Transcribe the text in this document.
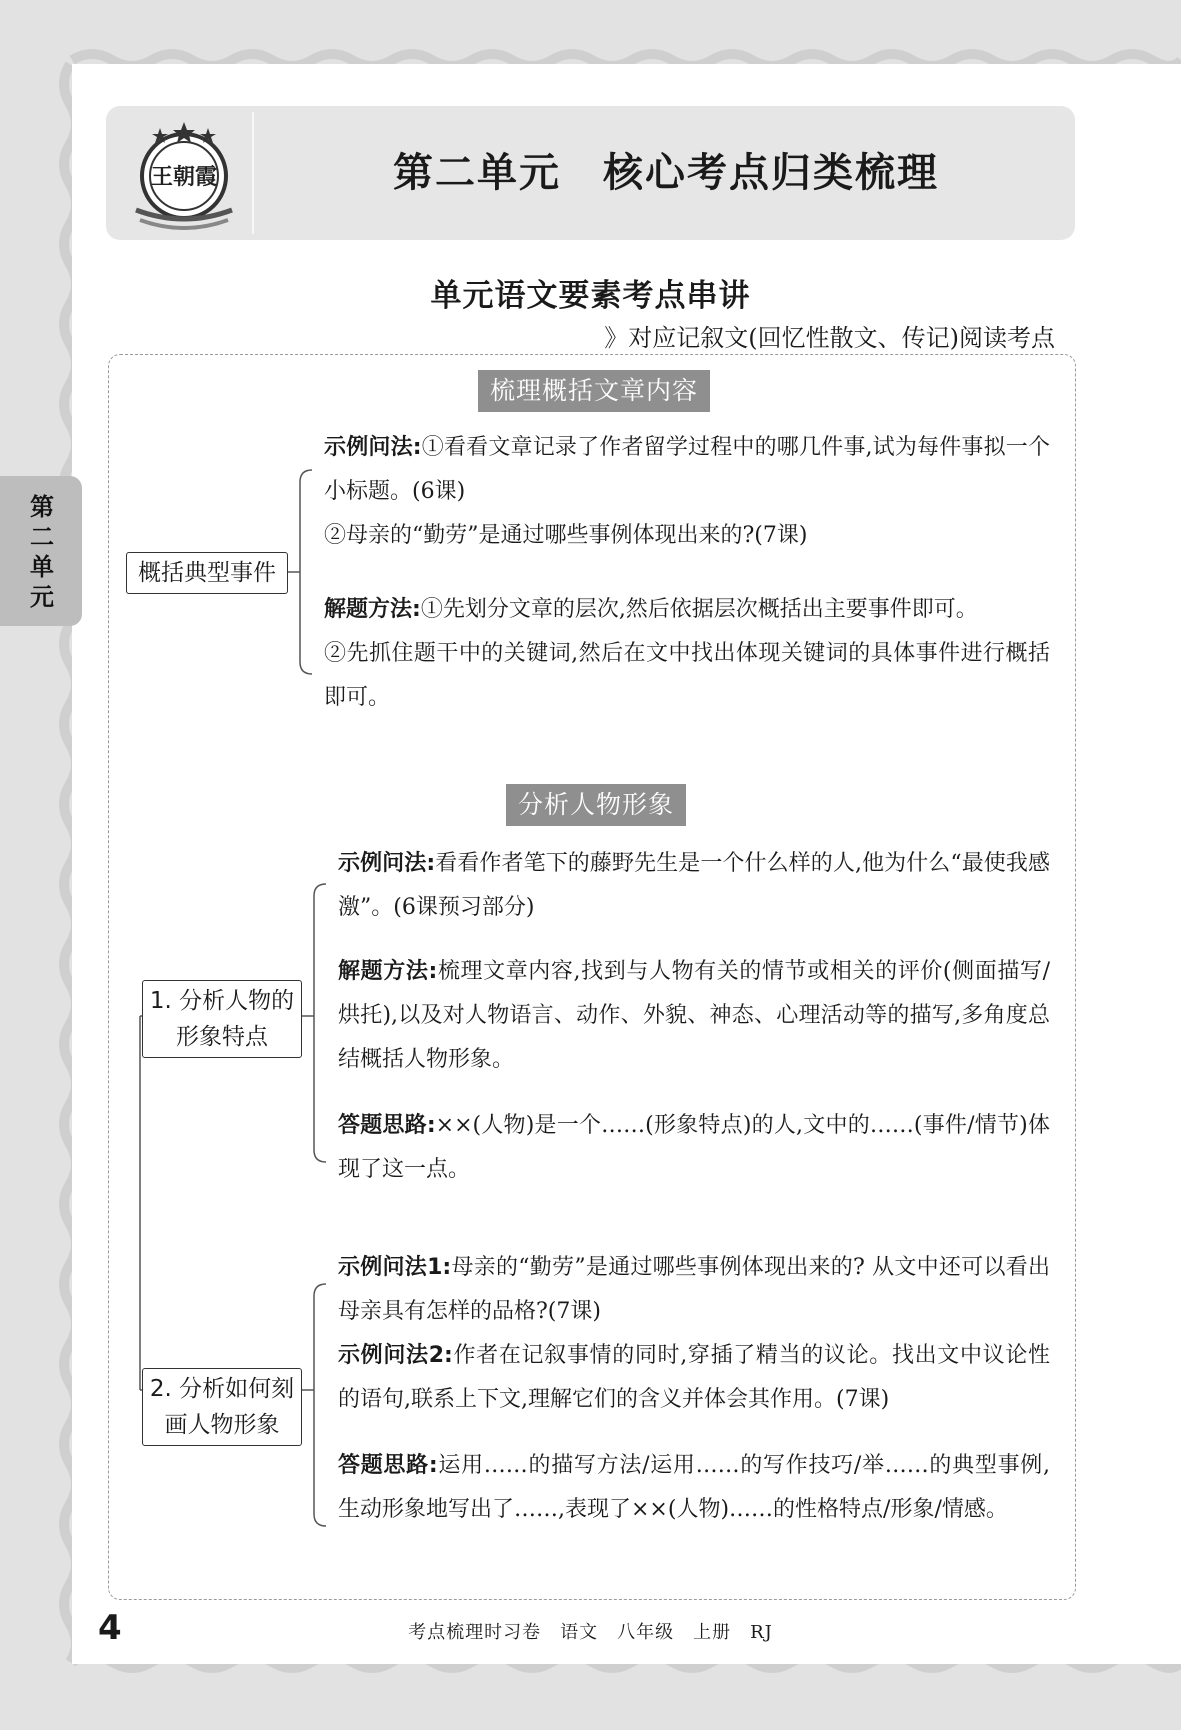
王朝霞	第二单元　核心考点归类梳理
第二单元
单元语文要素考点串讲
》对应记叙文(回忆性散文、传记)阅读考点
梳理概括文章内容
概括典型事件
示例问法:①看看文章记录了作者留学过程中的哪几件事,试为每件事拟一个小标题。(6课)
②母亲的“勤劳”是通过哪些事例体现出来的?(7课)
解题方法:①先划分文章的层次,然后依据层次概括出主要事件即可。
②先抓住题干中的关键词,然后在文中找出体现关键词的具体事件进行概括即可。
分析人物形象
1. 分析人物的
形象特点
示例问法:看看作者笔下的藤野先生是一个什么样的人,他为什么“最使我感激”。(6课预习部分)
解题方法:梳理文章内容,找到与人物有关的情节或相关的评价(侧面描写/烘托),以及对人物语言、动作、外貌、神态、心理活动等的描写,多角度总结概括人物形象。
答题思路:××(人物)是一个……(形象特点)的人,文中的……(事件/情节)体现了这一点。
2. 分析如何刻
画人物形象
示例问法1:母亲的“勤劳”是通过哪些事例体现出来的? 从文中还可以看出母亲具有怎样的品格?(7课)
示例问法2:作者在记叙事情的同时,穿插了精当的议论。找出文中议论性的语句,联系上下文,理解它们的含义并体会其作用。(7课)
答题思路:运用……的描写方法/运用……的写作技巧/举……的典型事例,生动形象地写出了……,表现了××(人物)……的性格特点/形象/情感。
4	考点梳理时习卷　语文　八年级　上册　RJ
